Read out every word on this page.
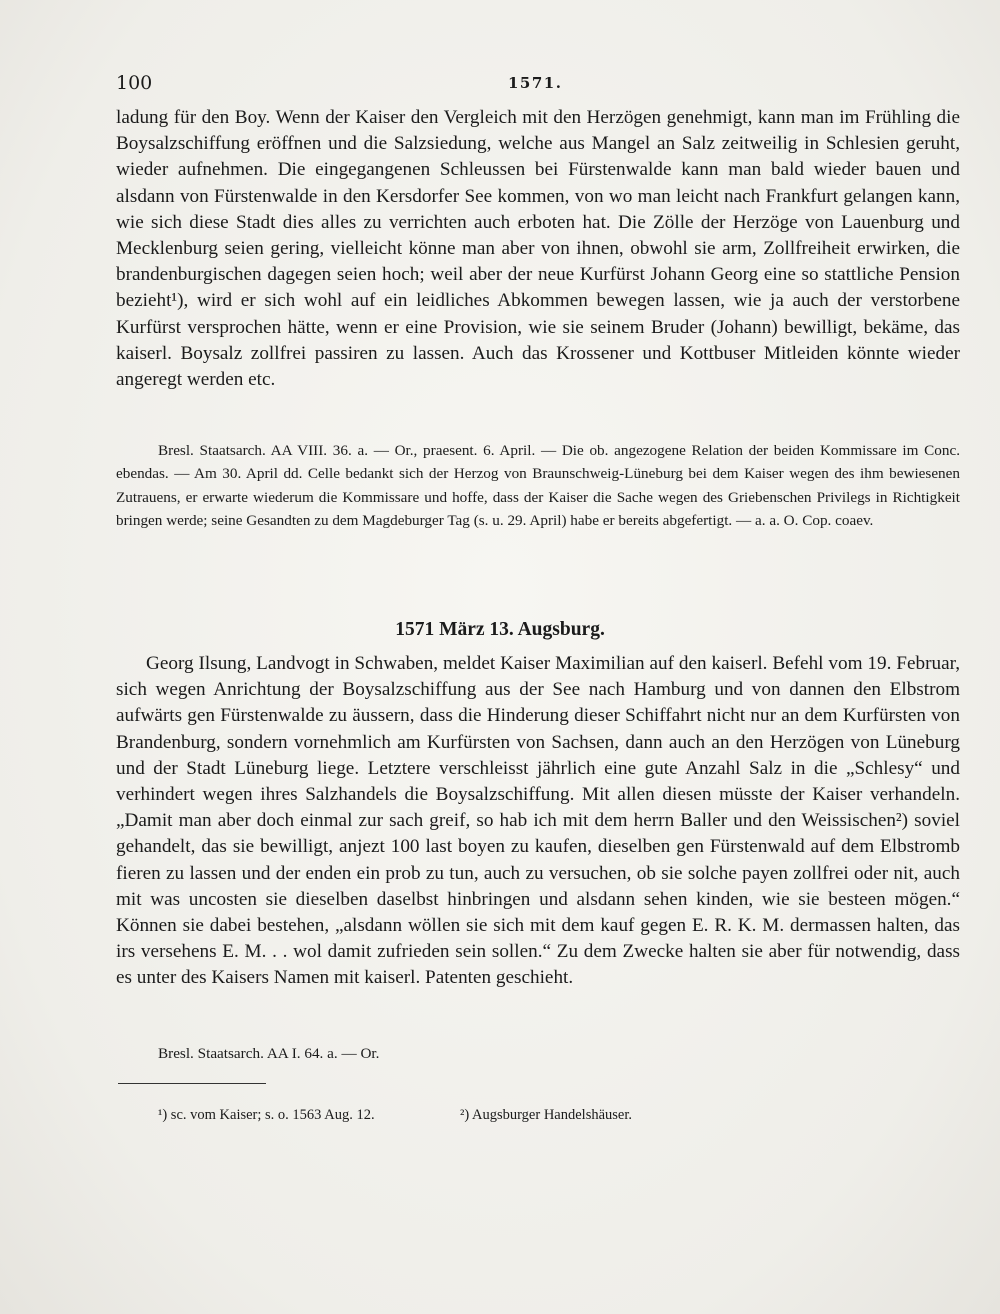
100	1571.

ladung für den Boy. Wenn der Kaiser den Vergleich mit den Herzögen genehmigt, kann man im Frühling die Boysalzschiffung eröffnen und die Salzsiedung, welche aus Mangel an Salz zeitweilig in Schlesien geruht, wieder aufnehmen. Die eingegangenen Schleussen bei Fürstenwalde kann man bald wieder bauen und alsdann von Fürstenwalde in den Kersdorfer See kommen, von wo man leicht nach Frankfurt gelangen kann, wie sich diese Stadt dies alles zu verrichten auch erboten hat. Die Zölle der Herzöge von Lauenburg und Mecklenburg seien gering, vielleicht könne man aber von ihnen, obwohl sie arm, Zollfreiheit erwirken, die brandenburgischen dagegen seien hoch; weil aber der neue Kurfürst Johann Georg eine so stattliche Pension bezieht¹), wird er sich wohl auf ein leidliches Abkommen bewegen lassen, wie ja auch der verstorbene Kurfürst versprochen hätte, wenn er eine Provision, wie sie seinem Bruder (Johann) bewilligt, bekäme, das kaiserl. Boysalz zollfrei passiren zu lassen. Auch das Krossener und Kottbuser Mitleiden könnte wieder angeregt werden etc.

Bresl. Staatsarch. AA VIII. 36. a. — Or., praesent. 6. April. — Die ob. angezogene Relation der beiden Kommissare im Conc. ebendas. — Am 30. April dd. Celle bedankt sich der Herzog von Braunschweig-Lüneburg bei dem Kaiser wegen des ihm bewiesenen Zutrauens, er erwarte wiederum die Kommissare und hoffe, dass der Kaiser die Sache wegen des Griebenschen Privilegs in Richtigkeit bringen werde; seine Gesandten zu dem Magdeburger Tag (s. u. 29. April) habe er bereits abgefertigt. — a. a. O. Cop. coaev.

1571 März 13. Augsburg.

Georg Ilsung, Landvogt in Schwaben, meldet Kaiser Maximilian auf den kaiserl. Befehl vom 19. Februar, sich wegen Anrichtung der Boysalzschiffung aus der See nach Hamburg und von dannen den Elbstrom aufwärts gen Fürstenwalde zu äussern, dass die Hinderung dieser Schiffahrt nicht nur an dem Kurfürsten von Brandenburg, sondern vornehmlich am Kurfürsten von Sachsen, dann auch an den Herzögen von Lüneburg und der Stadt Lüneburg liege. Letztere verschleisst jährlich eine gute Anzahl Salz in die „Schlesy“ und verhindert wegen ihres Salzhandels die Boysalzschiffung. Mit allen diesen müsste der Kaiser verhandeln. „Damit man aber doch einmal zur sach greif, so hab ich mit dem herrn Baller und den Weissischen²) soviel gehandelt, das sie bewilligt, anjezt 100 last boyen zu kaufen, dieselben gen Fürstenwald auf dem Elbstromb fieren zu lassen und der enden ein prob zu tun, auch zu versuchen, ob sie solche payen zollfrei oder nit, auch mit was uncosten sie dieselben daselbst hinbringen und alsdann sehen kinden, wie sie besteen mögen.“ Können sie dabei bestehen, „alsdann wöllen sie sich mit dem kauf gegen E. R. K. M. dermassen halten, das irs versehens E. M. . . wol damit zufrieden sein sollen.“ Zu dem Zwecke halten sie aber für notwendig, dass es unter des Kaisers Namen mit kaiserl. Patenten geschieht.

Bresl. Staatsarch. AA I. 64. a. — Or.

¹) sc. vom Kaiser; s. o. 1563 Aug. 12.	²) Augsburger Handelshäuser.
